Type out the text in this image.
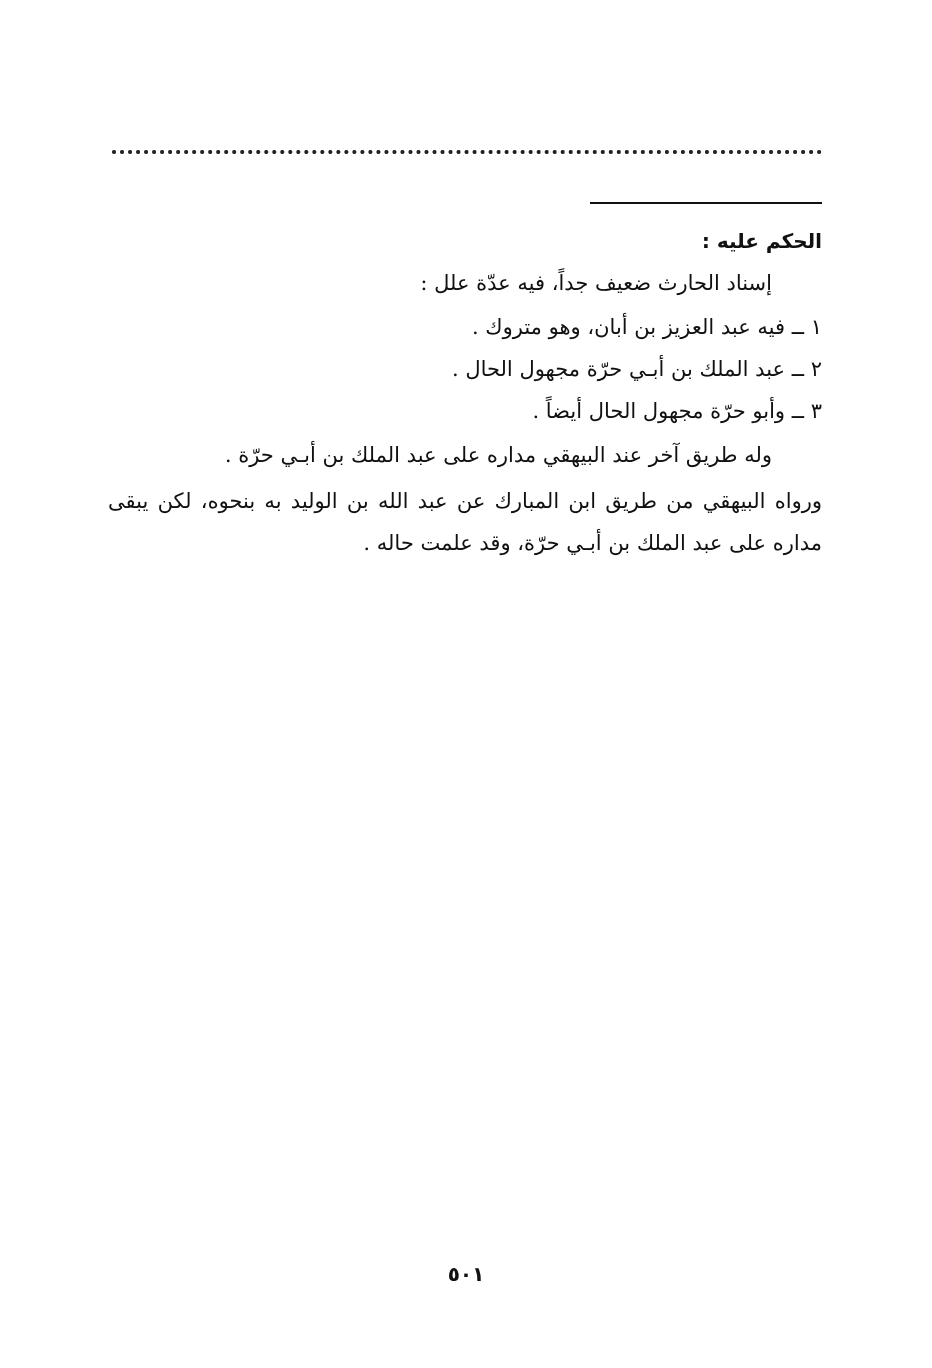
الحكم عليه :
إسناد الحارث ضعيف جداً، فيه عدّة علل :
١ ــ فيه عبد العزيز بن أبان، وهو متروك .
٢ ــ عبد الملك بن أبـي حرّة مجهول الحال .
٣ ــ وأبو حرّة مجهول الحال أيضاً .
وله طريق آخر عند البيهقي مداره على عبد الملك بن أبـي حرّة .
ورواه البيهقي من طريق ابن المبارك عن عبد الله بن الوليد به بنحوه، لكن يبقى
مداره على عبد الملك بن أبـي حرّة، وقد علمت حاله .
٥٠١
